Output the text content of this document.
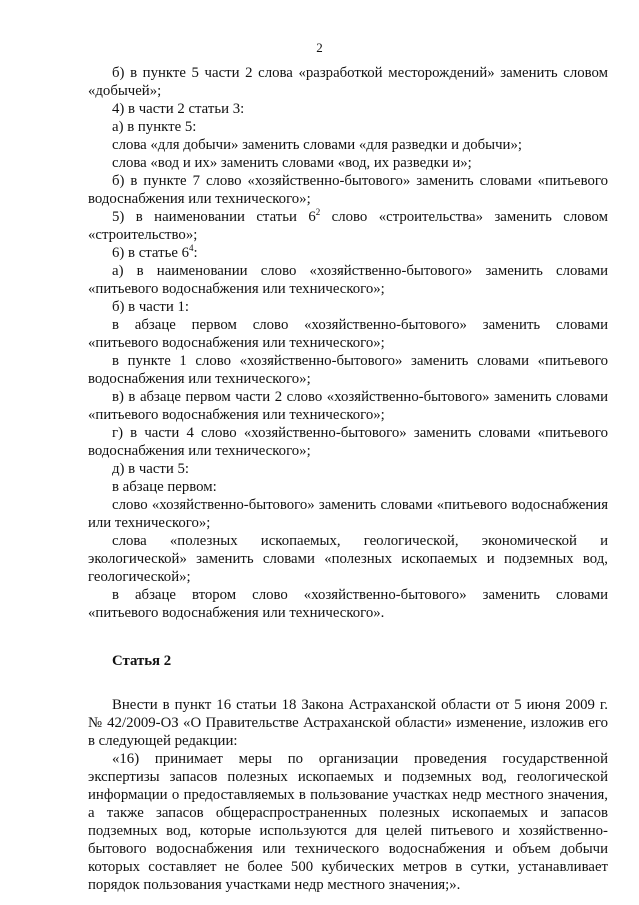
2

б) в пункте 5 части 2 слова «разработкой месторождений» заменить словом «добычей»;

4) в части 2 статьи 3:

а) в пункте 5:

слова «для добычи» заменить словами «для разведки и добычи»;

слова «вод и их» заменить словами «вод, их разведки и»;

б) в пункте 7 слово «хозяйственно-бытового» заменить словами «питьевого водоснабжения или технического»;

5) в наименовании статьи $6^2$ слово «строительства» заменить словом «строительство»;

6) в статье $6^4$:

а) в наименовании слово «хозяйственно-бытового» заменить словами «питьевого водоснабжения или технического»;

б) в части 1:

в абзаце первом слово «хозяйственно-бытового» заменить словами «питьевого водоснабжения или технического»;

в пункте 1 слово «хозяйственно-бытового» заменить словами «питьевого водоснабжения или технического»;

в) в абзаце первом части 2 слово «хозяйственно-бытового» заменить словами «питьевого водоснабжения или технического»;

г) в части 4 слово «хозяйственно-бытового» заменить словами «питьевого водоснабжения или технического»;

д) в части 5:

в абзаце первом:

слово «хозяйственно-бытового» заменить словами «питьевого водоснабжения или технического»;

слова «полезных ископаемых, геологической, экономической и экологической» заменить словами «полезных ископаемых и подземных вод, геологической»;

в абзаце втором слово «хозяйственно-бытового» заменить словами «питьевого водоснабжения или технического».

Статья 2

Внести в пункт 16 статьи 18 Закона Астраханской области от 5 июня 2009 г. № 42/2009-ОЗ «О Правительстве Астраханской области» изменение, изложив его в следующей редакции:

«16) принимает меры по организации проведения государственной экспертизы запасов полезных ископаемых и подземных вод, геологической информации о предоставляемых в пользование участках недр местного значения, а также запасов общераспространенных полезных ископаемых и запасов подземных вод, которые используются для целей питьевого и хозяйственно-бытового водоснабжения или технического водоснабжения и объем добычи которых составляет не более 500 кубических метров в сутки, устанавливает порядок пользования участками недр местного значения;».
